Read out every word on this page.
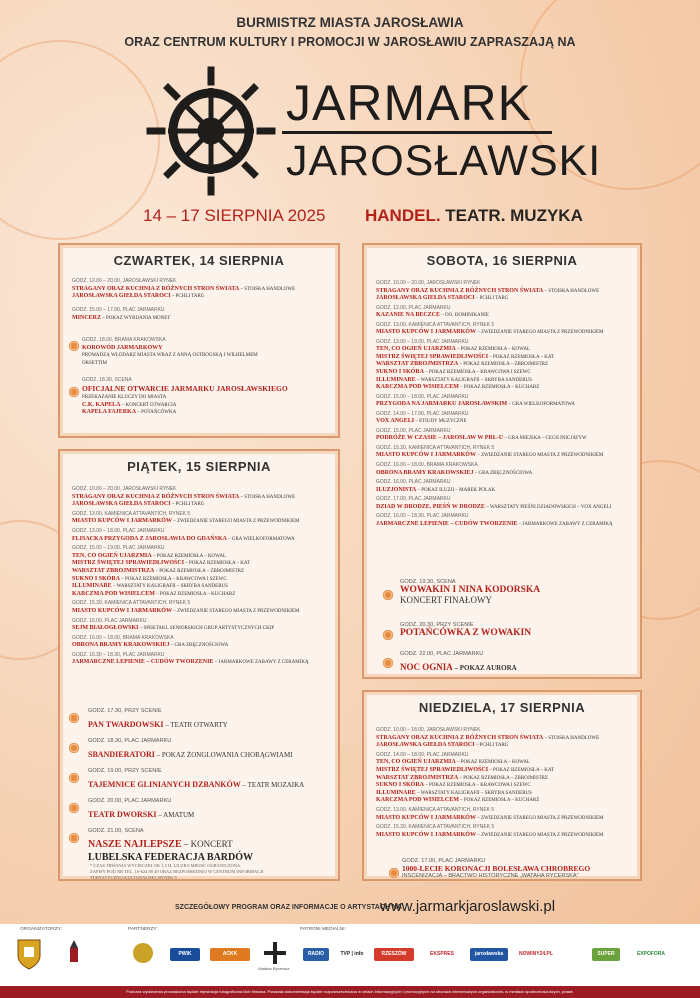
BURMISTRZ MIASTA JAROSŁAWIA
ORAZ CENTRUM KULTURY I PROMOCJI W JAROSŁAWIU ZAPRASZAJĄ NA
JARMARK
JAROSŁAWSKI
14 – 17 SIERPNIA 2025 HANDEL. TEATR. MUZYKA
CZWARTEK, 14 SIERPNIA
GODZ. 12.00 – 20.00, JAROSŁAWSKI RYNEK
STRAGANY ORAZ KUCHNIA Z RÓŻNYCH STRON ŚWIATA – STOISKA HANDLOWE
JAROSŁAWSKA GIEŁDA STAROCI – PCHLI TARG
GODZ. 15.00 – 17.00, PLAC JARMARKU
MINCERZ – POKAZ WYBIJANIA MONET
GODZ. 18.00, BRAMA KRAKOWSKA
KOROWÓD JARMARKOWY
PROWADZĄ WŁODARZ MIASTA WRAZ Z ANNĄ OSTROGSKĄ I WILHELMEM
ORSETTIM
GODZ. 18.30, SCENA
OFICJALNE OTWARCIE JARMARKU JAROSŁAWSKIEGO
PRZEKAZANIE KLUCZY DO MIASTA
C.K. KAPELA – KONCERT OTWARCIA
KAPELA FAJERKA – POTAŃCÓWKA
PIĄTEK, 15 SIERPNIA
GODZ. 10.00 – 20.00, JAROSŁAWSKI RYNEK
STRAGANY ORAZ KUCHNIA Z RÓŻNYCH STRON ŚWIATA – STOISKA HANDLOWE
JAROSŁAWSKA GIEŁDA STAROCI – PCHLI TARG
GODZ. 13.00, KAMIENICA ATTAVANTICH, RYNEK 5
MIASTO KUPCÓW I JARMARKÓW – ZWIEDZANIE STAREGO MIASTA Z PRZEWODNIKIEM
GODZ. 13.00 – 18.00, PLAC JARMARKU
FLISACKA PRZYGODA Z JAROSŁAWIA DO GDAŃSKA – GRA WIELKOFORMATOWA
GODZ. 15.00 – 19.00, PLAC JARMARKU
TEN, CO OGIEŃ UJARZMIA – POKAZ RZEMIOSŁA – KOWAL
MISTRZ ŚWIĘTEJ SPRAWIEDLIWOŚCI – POKAZ RZEMIOSŁA – KAT
WARSZTAT ZBROJMISTRZA – POKAZ RZEMIOSŁA – ZBROJMISTRZ
SUKNO I SKÓRA – POKAZ RZEMIOSŁA – KRAWCOWA I SZEWC
ILLUMINARE – WARSZTATY KALIGRAFII – SKRYBA SANDERUS
KARCZMA POD WISIELCEM – POKAZ RZEMIOSŁA – KUCHARZ
GODZ. 15.30, KAMIENICA ATTAVANTICH, RYNEK 5
MIASTO KUPCÓW I JARMARKÓW – ZWIEDZANIE STAREGO MIASTA Z PRZEWODNIKIEM
GODZ. 16.00, PLAC JARMARKU
SEJM BIAŁOGŁOWSKI – SPEKTAKL SENIORSKICH GRUP ARTYSTYCZNYCH CKIP
GODZ. 16.00 – 18.00, BRAMA KRAKOWSKA
OBRONA BRAMY KRAKOWSKIEJ – GRA ZRĘCZNOŚCIOWA
GODZ. 16.30 – 18.30, PLAC JARMARKU
JARMARCZNE LEPIENIE – CUDÓW TWORZENIE – JARMARKOWE ZABAWY Z CERAMIKĄ
GODZ. 17.30, PRZY SCENIE
PAN TWARDOWSKI – TEATR OTWARTY
GODZ. 18.30, PLAC JARMARKU
SBANDIERATORI – POKAZ ŻONGLOWANIA CHORĄGWIAMI
GODZ. 19.00, PRZY SCENIE
TAJEMNICE GLINIANYCH DZBANKÓW – TEATR MOZAIKA
GODZ. 20.00, PLAC JARMARKU
TEATR DWORSKI – AMATUM
GODZ. 21.00, SCENA
NASZE NAJLEPSZE – KONCERT
LUBELSKA FEDERACJA BARDÓW
* CZAS TRWANIA WYCIECZKI OK 1,5 H, LICZBA MIEJSC OGRANICZONA.
ZAPISY POD NR TEL. 16-624 89 49 ORAZ BEZPOŚREDNIO W CENTRUM INFORMACJI
TURYSTYCZNO-KULTURALNEJ, RYNEK 5
SOBOTA, 16 SIERPNIA
GODZ. 10.00 – 20.00, JAROSŁAWSKI RYNEK
STRAGANY ORAZ KUCHNIA Z RÓŻNYCH STRON ŚWIATA – STOISKA HANDLOWE
JAROSŁAWSKA GIEŁDA STAROCI – PCHLI TARG
GODZ. 12.00, PLAC JARMARKU
KAZANIE NA BECZCE – OO. DOMINIKANIE
GODZ. 13.00, KAMIENICA ATTAVANTICH, RYNEK 5
MIASTO KUPCÓW I JARMARKÓW – ZWIEDZANIE STAREGO MIASTA Z PRZEWODNIKIEM
GODZ. 13.00 – 19.00, PLAC JARMARKU
TEN, CO OGIEŃ UJARZMIA – POKAZ RZEMIOSŁA – KOWAL
MISTRZ ŚWIĘTEJ SPRAWIEDLIWOŚCI – POKAZ RZEMIOSŁA – KAT
WARSZTAT ZBROJMISTRZA – POKAZ RZEMIOSŁA – ZBROJMISTRZ
SUKNO I SKÓRA – POKAZ RZEMIOSŁA – KRAWCOWA I SZEWC
ILLUMINARE – WARSZTATY KALIGRAFII – SKRYBA SANDERUS
KARCZMA POD WISIELCEM – POKAZ RZEMIOSŁA – KUCHARZ
GODZ. 15.00 – 18.00, PLAC JARMARKU
PRZYGODA NA JARMARKU JAROSŁAWSKIM – GRA WIELKOFORMATOWA
GODZ. 14.00 – 17.00, PLAC JARMARKU
VOX ANGELI – ETIUDY MUZYCZNE
GODZ. 15.00, PLAC JARMARKU
PODRÓŻE W CZASIE – JAROSŁAW W PRL-U – GRA MIEJSKA – CECH INICJATYW
GODZ. 15.30, KAMIENICA ATTAVANTICH, RYNEK 5
MIASTO KUPCÓW I JARMARKÓW – ZWIEDZANIE STAREGO MIASTA Z PRZEWODNIKIEM
GODZ. 16.00 – 18.00, BRAMA KRAKOWSKA
OBRONA BRAMY KRAKOWSKIEJ – GRA ZRĘCZNOŚCIOWA
GODZ. 16.00, PLAC JARMARKU
ILUZJONISTA – POKAZ ILUZJI – MAREK POLAK
GODZ. 17.00, PLAC JARMARKU
DZIAD W DRODZE. PIEŚŃ W DRODZE – WARSZTATY PIEŚNI DZIADOWSKICH – VOX ANGELI
GODZ. 16.00 – 18.30, PLAC JARMARKU
JARMARCZNE LEPIENIE – CUDÓW TWORZENIE – JARMARKOWE ZABAWY Z CERAMIKĄ
GODZ. 19.30, SCENA
WOWAKIN I NINA KODORSKA
KONCERT FINAŁOWY
GODZ. 20.30, PRZY SCENIE
POTAŃCÓWKA Z WOWAKIN
GODZ. 22.00, PLAC JARMARKU
NOC OGNIA – POKAZ AURORA
NIEDZIELA, 17 SIERPNIA
GODZ. 10.00 – 18.00, JAROSŁAWSKI RYNEK
STRAGANY ORAZ KUCHNIA Z RÓŻNYCH STRON ŚWIATA – STOISKA HANDLOWE
JAROSŁAWSKA GIEŁDA STAROCI – PCHLI TARG
GODZ. 14.00 – 18.00, PLAC JARMARKU
TEN, CO OGIEŃ UJARZMIA – POKAZ RZEMIOSŁA – KOWAL
MISTRZ ŚWIĘTEJ SPRAWIEDLIWOŚCI – POKAZ RZEMIOSŁA – KAT
WARSZTAT ZBROJMISTRZA – POKAZ RZEMIOSŁA – ZBROJMISTRZ
SUKNO I SKÓRA – POKAZ RZEMIOSŁA – KRAWCOWA I SZEWC
ILLUMINARE – WARSZTATY KALIGRAFII – SKRYBA SANDERUS
KARCZMA POD WISIELCEM – POKAZ RZEMIOSŁA – KUCHARZ
GODZ. 13.00, KAMIENICA ATTAVANTICH, RYNEK 5
MIASTO KUPCÓW I JARMARKÓW – ZWIEDZANIE STAREGO MIASTA Z PRZEWODNIKIEM
GODZ. 15.30, KAMIENICA ATTAVANTICH, RYNEK 5
MIASTO KUPCÓW I JARMARKÓW – ZWIEDZANIE STAREGO MIASTA Z PRZEWODNIKIEM
GODZ. 17.00, PLAC JARMARKU
1000-LECIE KORONACJI BOLESŁAWA CHROBREGO
INSCENIZACJA – BRACTWO HISTORYCZNE „WATAHA RYCERSKA”
SZCZEGÓŁOWY PROGRAM ORAZ INFORMACJE O ARTYSTACH NA
www.jarmarkjaroslawski.pl
ORGANIZATORZY:	PARTNERZY:	PATRONI MEDIALNI:
PWIK	ACKK
Wataha Rycerska
RADIO	TVP | info	RZESZÓW	EKSPRES	jarosławska	NOWINY24.PL	SUPER	EXPOFORA
Podczas wydarzenia prowadzona będzie rejestracja fotograficzna i/lub filmowa. Powstała dokumentacja będzie rozpowszechniana w celach informacyjnych i promocyjnych na stronach internetowych organizatorów, w mediach społecznościowych, prasie.
